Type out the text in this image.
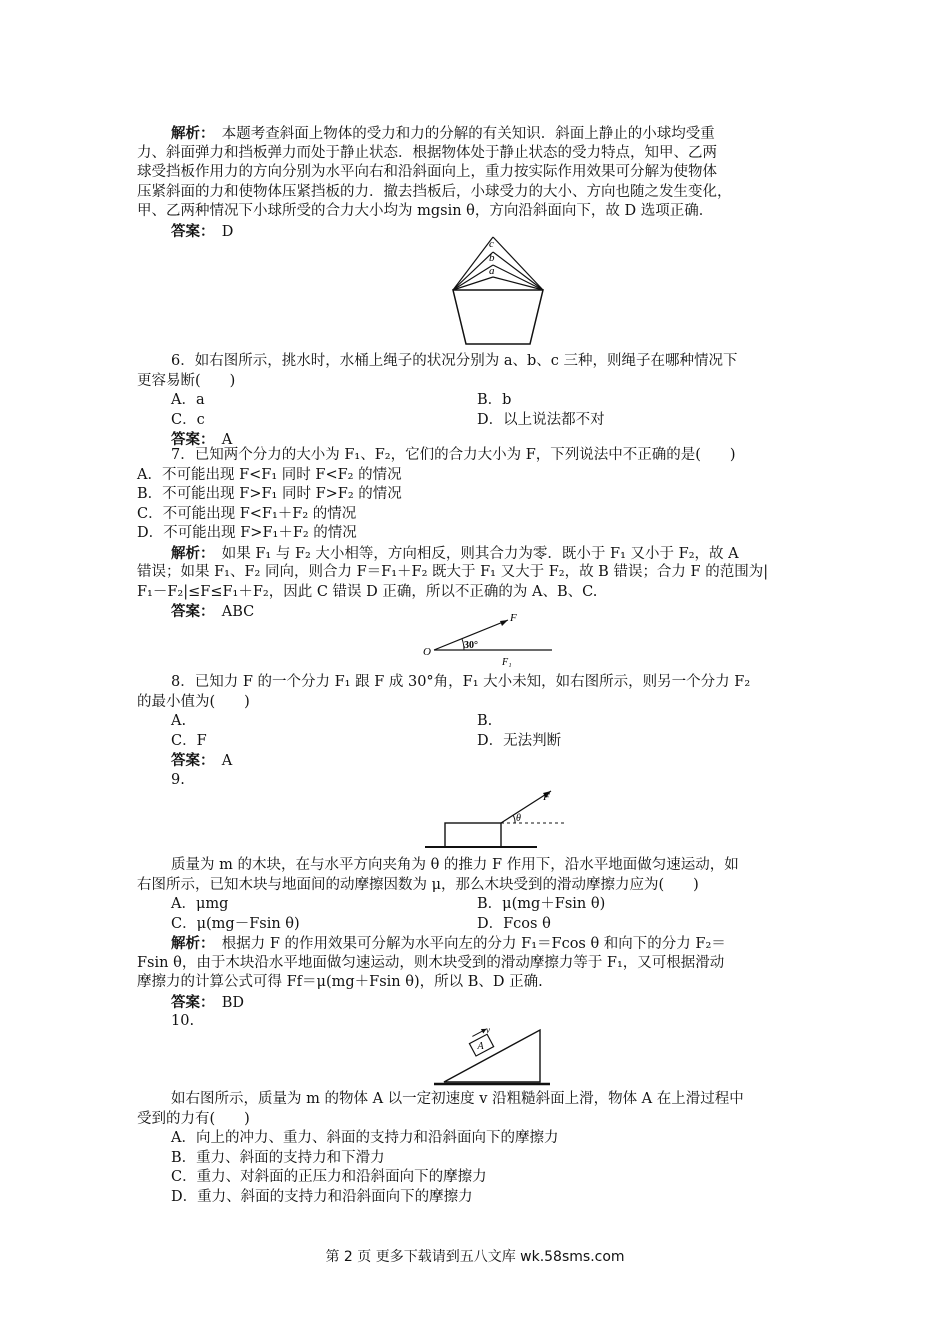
解析：　 本题考查斜面上物体的受力和力的分解的有关知识．斜面上静止的小球均受重
力、斜面弹力和挡板弹力而处于静止状态．根据物体处于静止状态的受力特点，知甲、乙两
球受挡板作用力的方向分别为水平向右和沿斜面向上，重力按实际作用效果可分解为使物体
压紧斜面的力和使物体压紧挡板的力．撤去挡板后，小球受力的大小、方向也随之发生变化，
甲、乙两种情况下小球所受的合力大小均为 mgsin θ，方向沿斜面向下，故 D 选项正确．
答案：　 D
c
b
a
6．如右图所示，挑水时，水桶上绳子的状况分别为 a、b、c 三种，则绳子在哪种情况下
更容易断(　　)
A．a	B．b
C．c	D．以上说法都不对
答案：　 A
7．已知两个分力的大小为 F₁、F₂，它们的合力大小为 F，下列说法中不正确的是(　　)
A．不可能出现 F<F₁ 同时 F<F₂ 的情况
B．不可能出现 F>F₁ 同时 F>F₂ 的情况
C．不可能出现 F<F₁＋F₂ 的情况
D．不可能出现 F>F₁＋F₂ 的情况
解析：　 如果 F₁ 与 F₂ 大小相等，方向相反，则其合力为零．既小于 F₁ 又小于 F₂，故 A
错误；如果 F₁、F₂ 同向，则合力 F＝F₁＋F₂ 既大于 F₁ 又大于 F₂，故 B 错误；合力 F 的范围为|
F₁－F₂|≤F≤F₁＋F₂，因此 C 错误 D 正确，所以不正确的为 A、B、C.
答案：　 ABC	F
O
30°
F₁
8．已知力 F 的一个分力 F₁ 跟 F 成 30°角，F₁ 大小未知，如右图所示，则另一个分力 F₂
的最小值为(　　)
A.	B.
C．F	D．无法判断
答案：　 A
9.
F
θ
质量为 m 的木块，在与水平方向夹角为 θ 的推力 F 作用下，沿水平地面做匀速运动，如
右图所示，已知木块与地面间的动摩擦因数为 μ，那么木块受到的滑动摩擦力应为(　　)
A．μmg	B．μ(mg＋Fsin θ)
C．μ(mg－Fsin θ)	D．Fcos θ
解析：　 根据力 F 的作用效果可分解为水平向左的分力 F₁＝Fcos θ 和向下的分力 F₂＝
Fsin θ，由于木块沿水平地面做匀速运动，则木块受到的滑动摩擦力等于 F₁，又可根据滑动
摩擦力的计算公式可得 Ff＝μ(mg＋Fsin θ)，所以 B、D 正确.
答案：　 BD
10.
A
v
如右图所示，质量为 m 的物体 A 以一定初速度 v 沿粗糙斜面上滑，物体 A 在上滑过程中
受到的力有(　　)
A．向上的冲力、重力、斜面的支持力和沿斜面向下的摩擦力
B．重力、斜面的支持力和下滑力
C．重力、对斜面的正压力和沿斜面向下的摩擦力
D．重力、斜面的支持力和沿斜面向下的摩擦力
第 2 页 更多下载请到五八文库 wk.58sms.com
